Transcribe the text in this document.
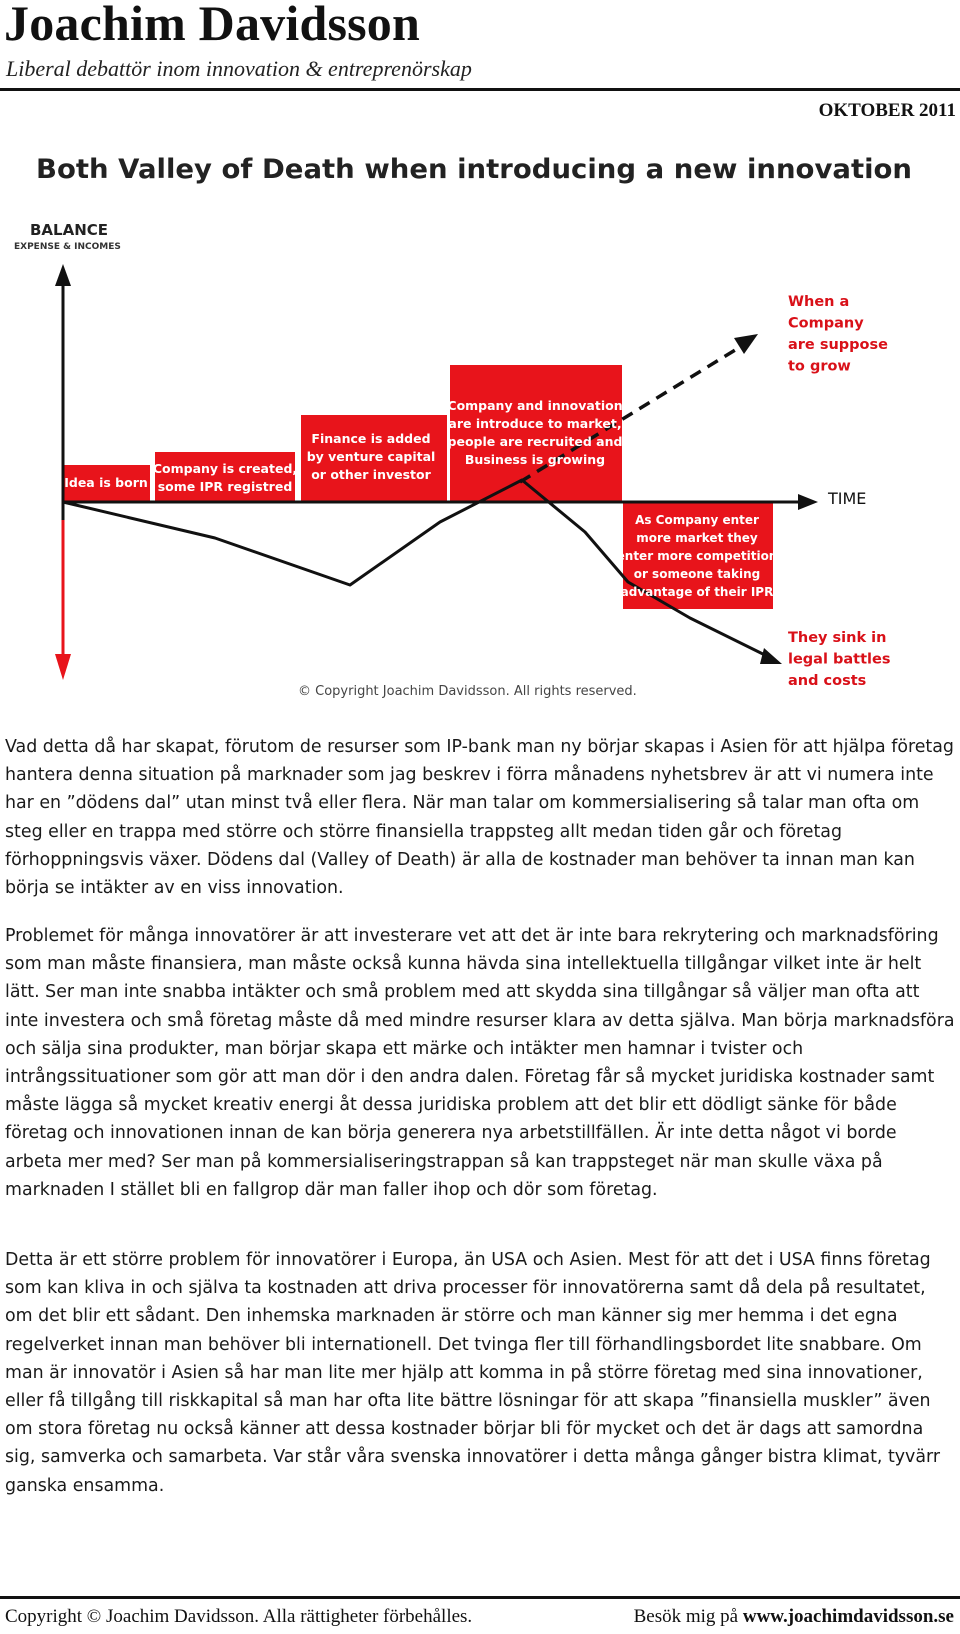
Joachim Davidsson
Liberal debattör inom innovation & entreprenörskap
OKTOBER 2011
Both Valley of Death when introducing a new innovation
BALANCE
EXPENSE & INCOMES
TIME
Idea is born
Company is created,
some IPR registred
Finance is added
by venture capital
or other investor
Company and innovation
are introduce to market,
people are recruited and
Business is growing
As Company enter
more market they
enter more competition
or someone taking
advantage of their IPR
When a
Company
are suppose
to grow
They sink in
legal battles
and costs
© Copyright Joachim Davidsson. All rights reserved.

Vad detta då har skapat, förutom de resurser som IP-bank man ny börjar skapas i Asien för att hjälpa företag hantera denna situation på marknader som jag beskrev i förra månadens nyhetsbrev är att vi numera inte har en ”dödens dal” utan minst två eller flera. När man talar om kommersialisering så talar man ofta om steg eller en trappa med större och större finansiella trappsteg allt medan tiden går och företag förhoppningsvis växer. Dödens dal (Valley of Death) är alla de kostnader man behöver ta innan man kan börja se intäkter av en viss innovation.

Problemet för många innovatörer är att investerare vet att det är inte bara rekrytering och marknadsföring som man måste finansiera, man måste också kunna hävda sina intellektuella tillgångar vilket inte är helt lätt. Ser man inte snabba intäkter och små problem med att skydda sina tillgångar så väljer man ofta att inte investera och små företag måste då med mindre resurser klara av detta själva. Man börja marknadsföra och sälja sina produkter, man börjar skapa ett märke och intäkter men hamnar i tvister och intrångssituationer som gör att man dör i den andra dalen. Företag får så mycket juridiska kostnader samt måste lägga så mycket kreativ energi åt dessa juridiska problem att det blir ett dödligt sänke för både företag och innovationen innan de kan börja generera nya arbetstillfällen. Är inte detta något vi borde arbeta mer med? Ser man på kommersialiseringstrappan så kan trappsteget när man skulle växa på marknaden I stället bli en fallgrop där man faller ihop och dör som företag.

Detta är ett större problem för innovatörer i Europa, än USA och Asien. Mest för att det i USA finns företag som kan kliva in och själva ta kostnaden att driva processer för innovatörerna samt då dela på resultatet, om det blir ett sådant. Den inhemska marknaden är större och man känner sig mer hemma i det egna regelverket innan man behöver bli internationell. Det tvinga fler till förhandlingsbordet lite snabbare. Om man är innovatör i Asien så har man lite mer hjälp att komma in på större företag med sina innovationer, eller få tillgång till riskkapital så man har ofta lite bättre lösningar för att skapa ”finansiella muskler” även om stora företag nu också känner att dessa kostnader börjar bli för mycket och det är dags att samordna sig, samverka och samarbeta. Var står våra svenska innovatörer i detta många gånger bistra klimat, tyvärr ganska ensamma.

Copyright © Joachim Davidsson. Alla rättigheter förbehålles.	Besök mig på www.joachimdavidsson.se
